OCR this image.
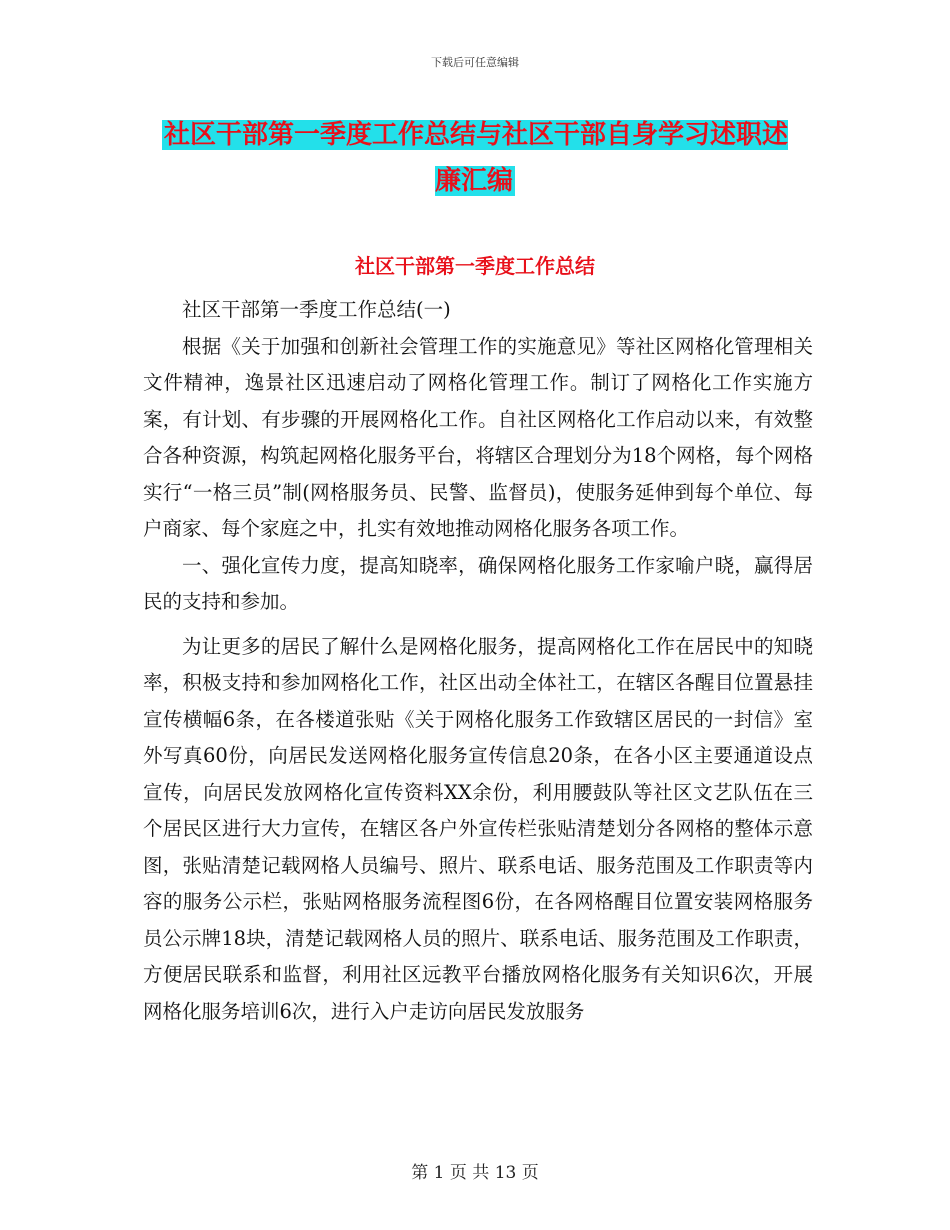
下载后可任意编辑
社区干部第一季度工作总结与社区干部自身学习述职述廉汇编
社区干部第一季度工作总结

社区干部第一季度工作总结(一)

根据《关于加强和创新社会管理工作的实施意见》等社区网格化管理相关文件精神，逸景社区迅速启动了网格化管理工作。制订了网格化工作实施方案，有计划、有步骤的开展网格化工作。自社区网格化工作启动以来，有效整合各种资源，构筑起网格化服务平台，将辖区合理划分为18个网格，每个网格实行“一格三员”制(网格服务员、民警、监督员)，使服务延伸到每个单位、每户商家、每个家庭之中，扎实有效地推动网格化服务各项工作。

一、强化宣传力度，提高知晓率，确保网格化服务工作家喻户晓，赢得居民的支持和参加。

为让更多的居民了解什么是网格化服务，提高网格化工作在居民中的知晓率，积极支持和参加网格化工作，社区出动全体社工，在辖区各醒目位置悬挂宣传横幅6条，在各楼道张贴《关于网格化服务工作致辖区居民的一封信》室外写真60份，向居民发送网格化服务宣传信息20条，在各小区主要通道设点宣传，向居民发放网格化宣传资料XX余份，利用腰鼓队等社区文艺队伍在三个居民区进行大力宣传，在辖区各户外宣传栏张贴清楚划分各网格的整体示意图，张贴清楚记载网格人员编号、照片、联系电话、服务范围及工作职责等内容的服务公示栏，张贴网格服务流程图6份，在各网格醒目位置安装网格服务员公示牌18块，清楚记载网格人员的照片、联系电话、服务范围及工作职责，方便居民联系和监督，利用社区远教平台播放网格化服务有关知识6次，开展网格化服务培训6次，进行入户走访向居民发放服务

第 1 页 共 13 页
